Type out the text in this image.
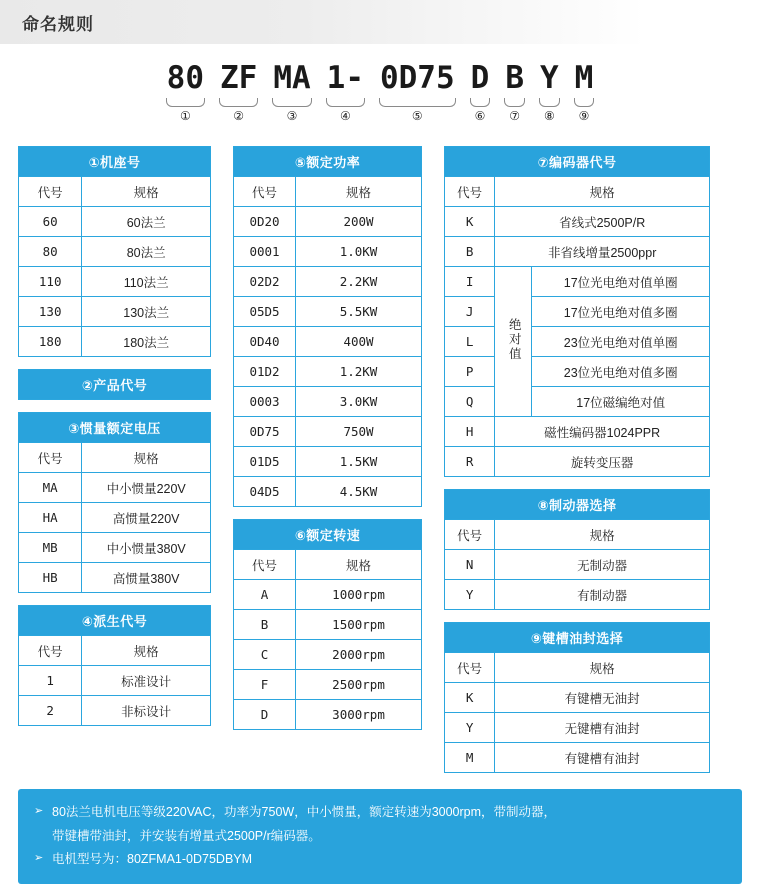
命名规则
80
①
ZF
②
MA
③
1-
④
0D75
⑤
D
⑥
B
⑦
Y
⑧
M
⑨
①机座号	
代号	规格
60	60法兰
80	80法兰
110	110法兰
130	130法兰
180	180法兰
②产品代号
③惯量额定电压	
代号	规格
MA	中小惯量220V
HA	高惯量220V
MB	中小惯量380V
HB	高惯量380V
④派生代号	
代号	规格
1	标准设计
2	非标设计
⑤额定功率	
代号	规格
0D20	200W
0001	1.0KW
02D2	2.2KW
05D5	5.5KW
0D40	400W
01D2	1.2KW
0003	3.0KW
0D75	750W
01D5	1.5KW
04D5	4.5KW
⑥额定转速	
代号	规格
A	1000rpm
B	1500rpm
C	2000rpm
F	2500rpm
D	3000rpm
⑦编码器代号		
代号	规格	
K	省线式2500P/R	
B	非省线增量2500ppr	
I	绝对值	17位光电绝对值单圈
J		17位光电绝对值多圈
L		23位光电绝对值单圈
P		23位光电绝对值多圈
Q		17位磁编绝对值
H	磁性编码器1024PPR	
R	旋转变压器	
⑧制动器选择	
代号	规格
N	无制动器
Y	有制动器
⑨键槽油封选择	
代号	规格
K	有键槽无油封
Y	无键槽有油封
M	有键槽有油封
➢ 80法兰电机电压等级220VAC，功率为750W，中小惯量，额定转速为3000rpm，带制动器，
带键槽带油封，并安装有增量式2500P/r编码器。
➢ 电机型号为：80ZFMA1-0D75DBYM
